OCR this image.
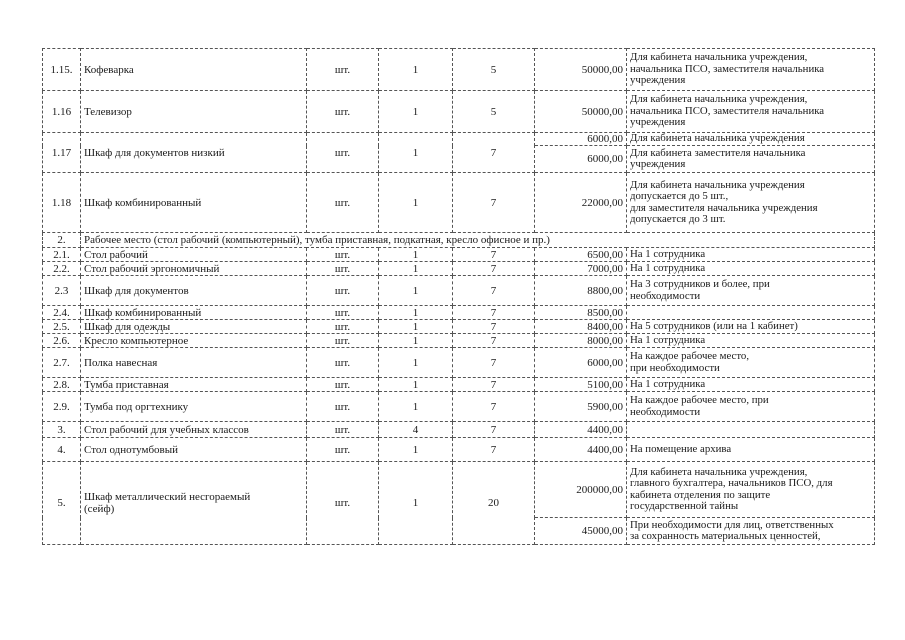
1.15.	Кофеварка	шт.	1	5	50000,00	Для кабинета начальника учреждения,
начальника ПСО, заместителя начальника
учреждения
1.16	Телевизор	шт.	1	5	50000,00	Для кабинета начальника учреждения,
начальника ПСО, заместителя начальника
учреждения
1.17	Шкаф для документов низкий	шт.	1	7	6000,00	Для кабинета начальника учреждения
					6000,00	Для кабинета заместителя начальника
учреждения
1.18	Шкаф комбинированный	шт.	1	7	22000,00	Для кабинета начальника учреждения
допускается до 5 шт.,
для заместителя начальника учреждения
допускается до 3 шт.
2.	Рабочее место (стол рабочий (компьютерный), тумба приставная, подкатная, кресло офисное и пр.)					
2.1.	Стол рабочий	шт.	1	7	6500,00	На 1 сотрудника
2.2.	Стол рабочий эргономичный	шт.	1	7	7000,00	На 1 сотрудника
2.3	Шкаф для документов	шт.	1	7	8800,00	На 3 сотрудников и более, при
необходимости
2.4.	Шкаф комбинированный	шт.	1	7	8500,00	
2.5.	Шкаф для одежды	шт.	1	7	8400,00	На 5 сотрудников (или на 1 кабинет)
2.6.	Кресло компьютерное	шт.	1	7	8000,00	На 1 сотрудника
2.7.	Полка навесная	шт.	1	7	6000,00	На каждое рабочее место,
при необходимости
2.8.	Тумба приставная	шт.	1	7	5100,00	На 1 сотрудника
2.9.	Тумба под оргтехнику	шт.	1	7	5900,00	На каждое рабочее место, при
необходимости
3.	Стол рабочий для учебных классов	шт.	4	7	4400,00	
4.	Стол однотумбовый	шт.	1	7	4400,00	На помещение архива
5.	Шкаф металлический несгораемый
(сейф)	шт.	1	20	200000,00	Для кабинета начальника учреждения,
главного бухгалтера, начальников ПСО, для
кабинета отделения по защите
государственной тайны
					45000,00	При необходимости для лиц, ответственных
за сохранность материальных ценностей,
